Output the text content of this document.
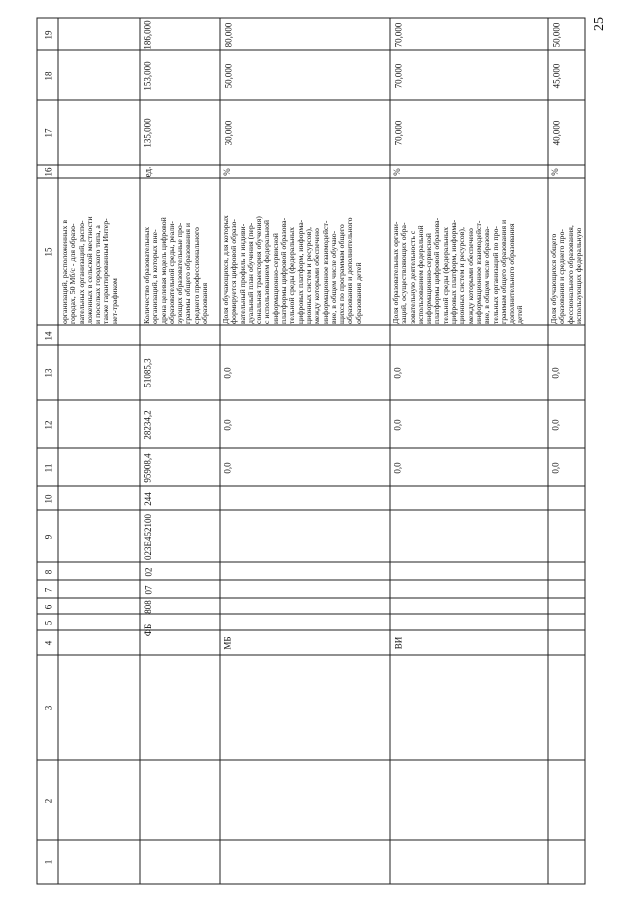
25
19
18
17
16
15
14
13
12
11
10
9
8
7
6
5
4
3
2
1
организаций, расположенных в городах, 50 Мб/с - для образо- вательных организаций, распо- ложенных в сельской местности и поселках городского типа, а также гарантированным Интер- нет-трафиком	Количество образовательных организаций, в которых вне- дрена целевая модель цифровой образовательной среды, реали- зующих образовательные про- граммы общего образования и среднего профессионального образования
ед.
135,000
153,000
186,000
ФБ
808
07
02
023Е452100
244
95908,4
28234,2
51085,3
Доля обучающихся, для которых формируется цифровой образо- вательный профиль и индиви- дуальный план обучения (пер- сональная траектория обучения) с использованием федеральной информационно-сервисной платформы цифровой образова- тельной среды (федеральных цифровых платформ, информа- ционных систем и ресурсов), между которыми обеспечено информационное взаимодейст- вие, в общем числе обучаю- щихся по программам общего образования и дополнительного образования детей
%
30,000
50,000
80,000
МБ
0,0
0,0
0,0
Доля образовательных органи- заций, осуществляющих обра- зовательную деятельность с использованием федеральной информационно-сервисной платформы цифровой образова- тельной среды (федеральных цифровых платформ, информа- ционных систем и ресурсов), между которыми обеспечено информационное взаимодейст- вие, в общем числе образова- тельных организаций по про- граммам общего образования и дополнительного образования детей
%
70,000
70,000
70,000
ВИ
0,0
0,0
0,0
Доля обучающихся общего образования и среднего про- фессионального образования, использующих федеральную
%
40,000
45,000
50,000
0,0
0,0
0,0
